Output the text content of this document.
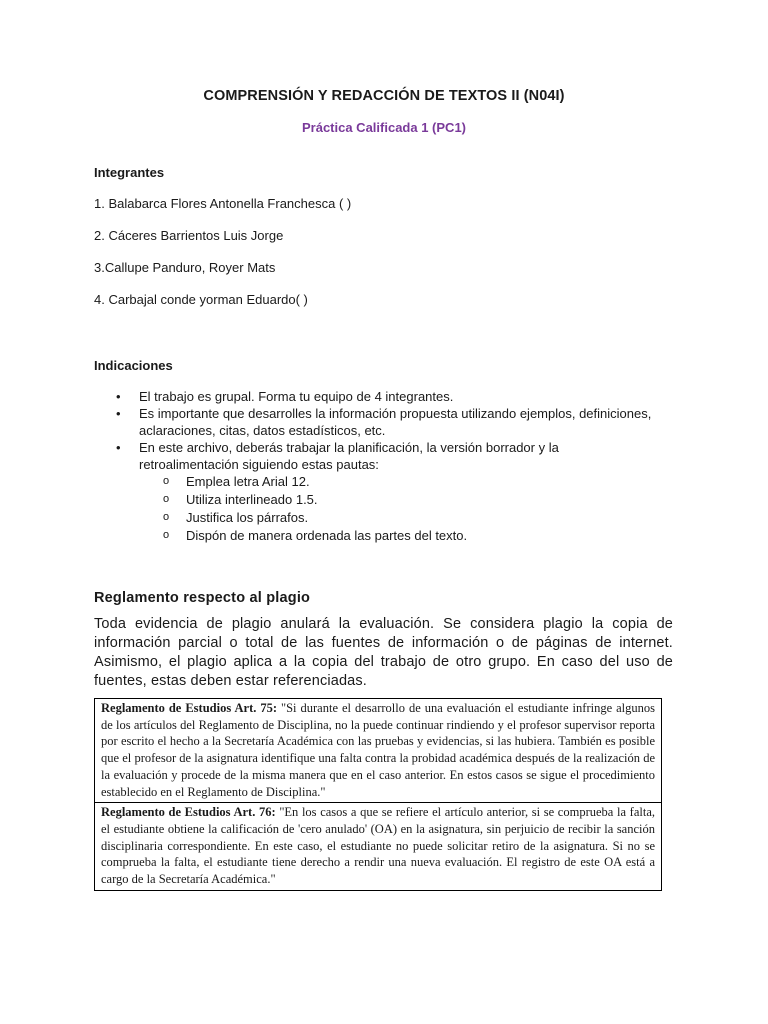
COMPRENSIÓN Y REDACCIÓN DE TEXTOS II (N04I)
Práctica Calificada 1 (PC1)
Integrantes
1. Balabarca Flores Antonella Franchesca ( )
2. Cáceres Barrientos Luis Jorge
3.Callupe Panduro, Royer Mats
4. Carbajal conde yorman Eduardo( )
Indicaciones
• El trabajo es grupal. Forma tu equipo de 4 integrantes.
• Es importante que desarrolles la información propuesta utilizando ejemplos, definiciones, aclaraciones, citas, datos estadísticos, etc.
• En este archivo, deberás trabajar la planificación, la versión borrador y la retroalimentación siguiendo estas pautas:
o Emplea letra Arial 12.
o Utiliza interlineado 1.5.
o Justifica los párrafos.
o Dispón de manera ordenada las partes del texto.
Reglamento respecto al plagio
Toda evidencia de plagio anulará la evaluación. Se considera plagio la copia de información parcial o total de las fuentes de información o de páginas de internet. Asimismo, el plagio aplica a la copia del trabajo de otro grupo. En caso del uso de fuentes, estas deben estar referenciadas.
Reglamento de Estudios Art. 75: "Si durante el desarrollo de una evaluación el estudiante infringe algunos de los artículos del Reglamento de Disciplina, no la puede continuar rindiendo y el profesor supervisor reporta por escrito el hecho a la Secretaría Académica con las pruebas y evidencias, si las hubiera. También es posible que el profesor de la asignatura identifique una falta contra la probidad académica después de la realización de la evaluación y procede de la misma manera que en el caso anterior. En estos casos se sigue el procedimiento establecido en el Reglamento de Disciplina."
Reglamento de Estudios Art. 76: "En los casos a que se refiere el artículo anterior, si se comprueba la falta, el estudiante obtiene la calificación de 'cero anulado' (OA) en la asignatura, sin perjuicio de recibir la sanción disciplinaria correspondiente. En este caso, el estudiante no puede solicitar retiro de la asignatura. Si no se comprueba la falta, el estudiante tiene derecho a rendir una nueva evaluación. El registro de este OA está a cargo de la Secretaría Académica."
